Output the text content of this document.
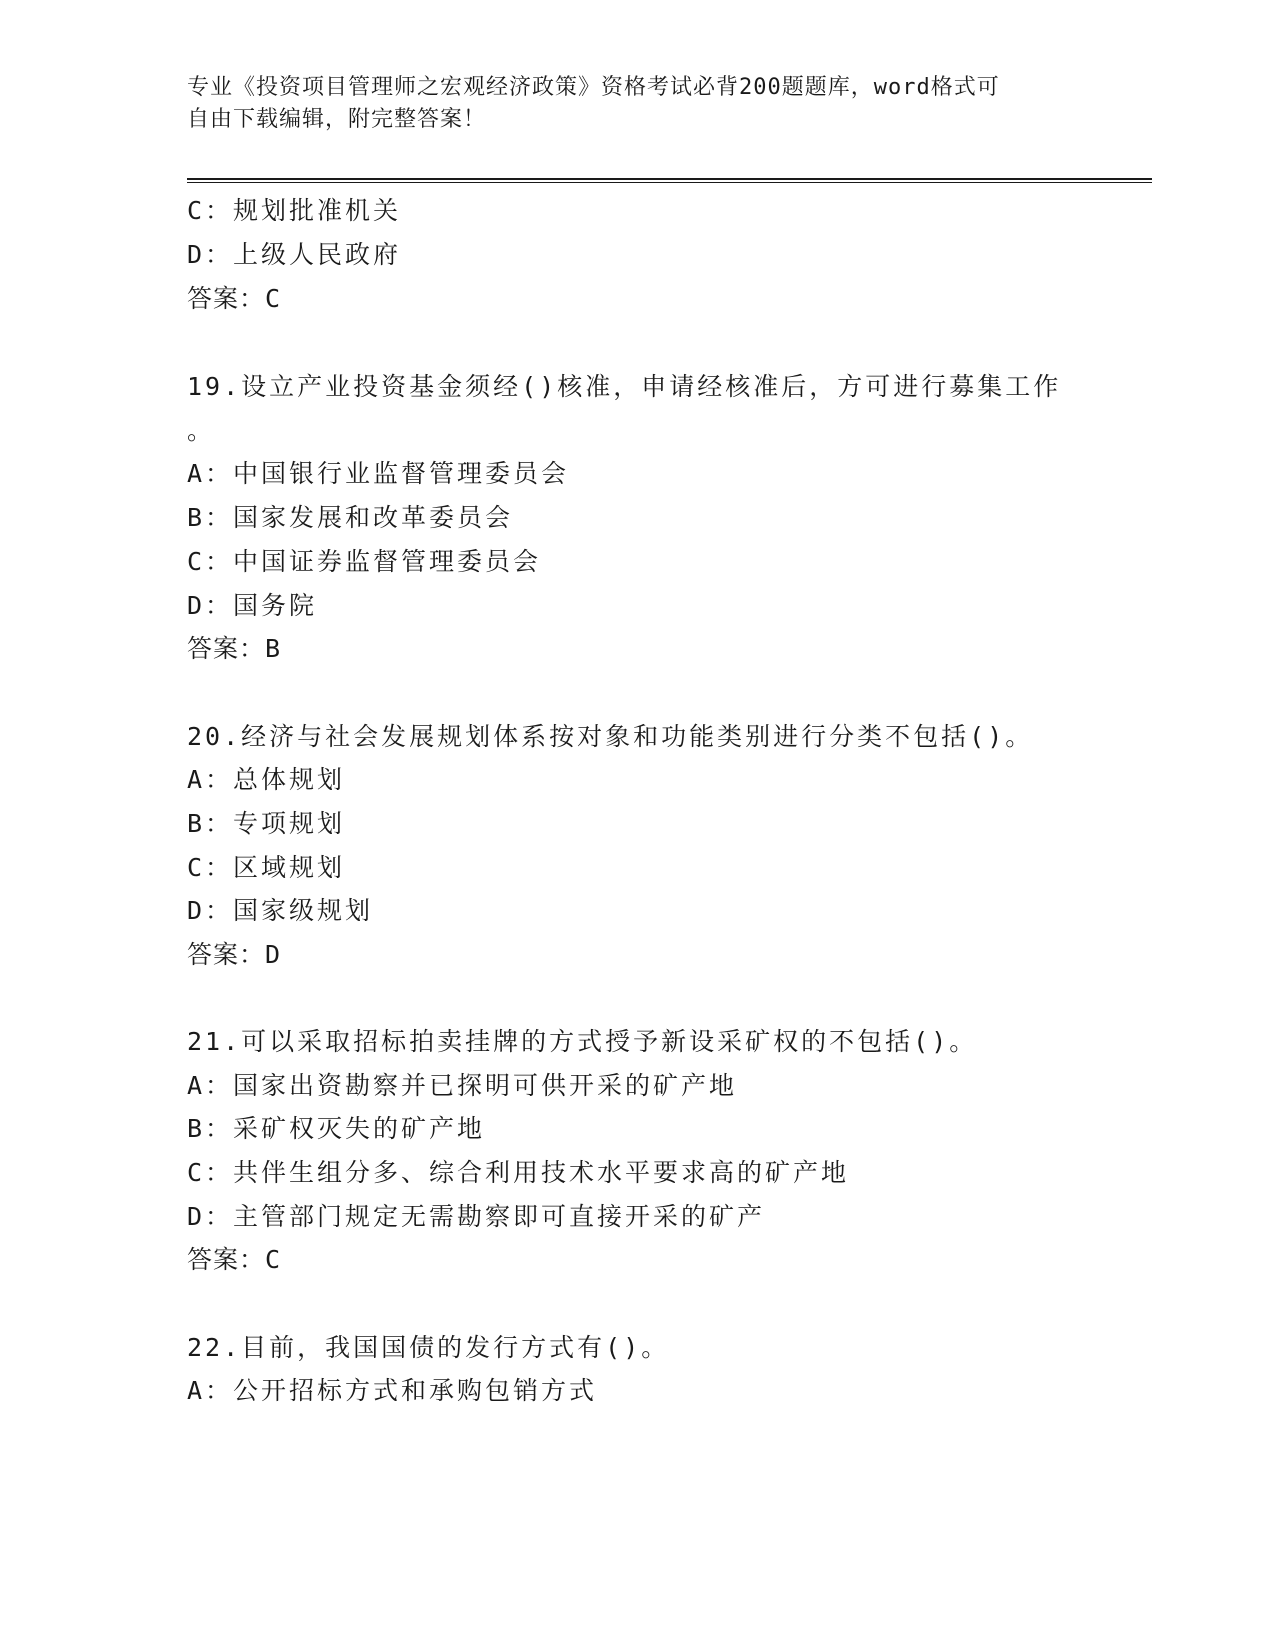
专业《投资项目管理师之宏观经济政策》资格考试必背200题题库，word格式可
自由下载编辑，附完整答案！
C：规划批准机关
D：上级人民政府
答案：C
19.设立产业投资基金须经()核准，申请经核准后，方可进行募集工作
。
A：中国银行业监督管理委员会
B：国家发展和改革委员会
C：中国证券监督管理委员会
D：国务院
答案：B
20.经济与社会发展规划体系按对象和功能类别进行分类不包括()。
A：总体规划
B：专项规划
C：区域规划
D：国家级规划
答案：D
21.可以采取招标拍卖挂牌的方式授予新设采矿权的不包括()。
A：国家出资勘察并已探明可供开采的矿产地
B：采矿权灭失的矿产地
C：共伴生组分多、综合利用技术水平要求高的矿产地
D：主管部门规定无需勘察即可直接开采的矿产
答案：C
22.目前，我国国债的发行方式有()。
A：公开招标方式和承购包销方式
